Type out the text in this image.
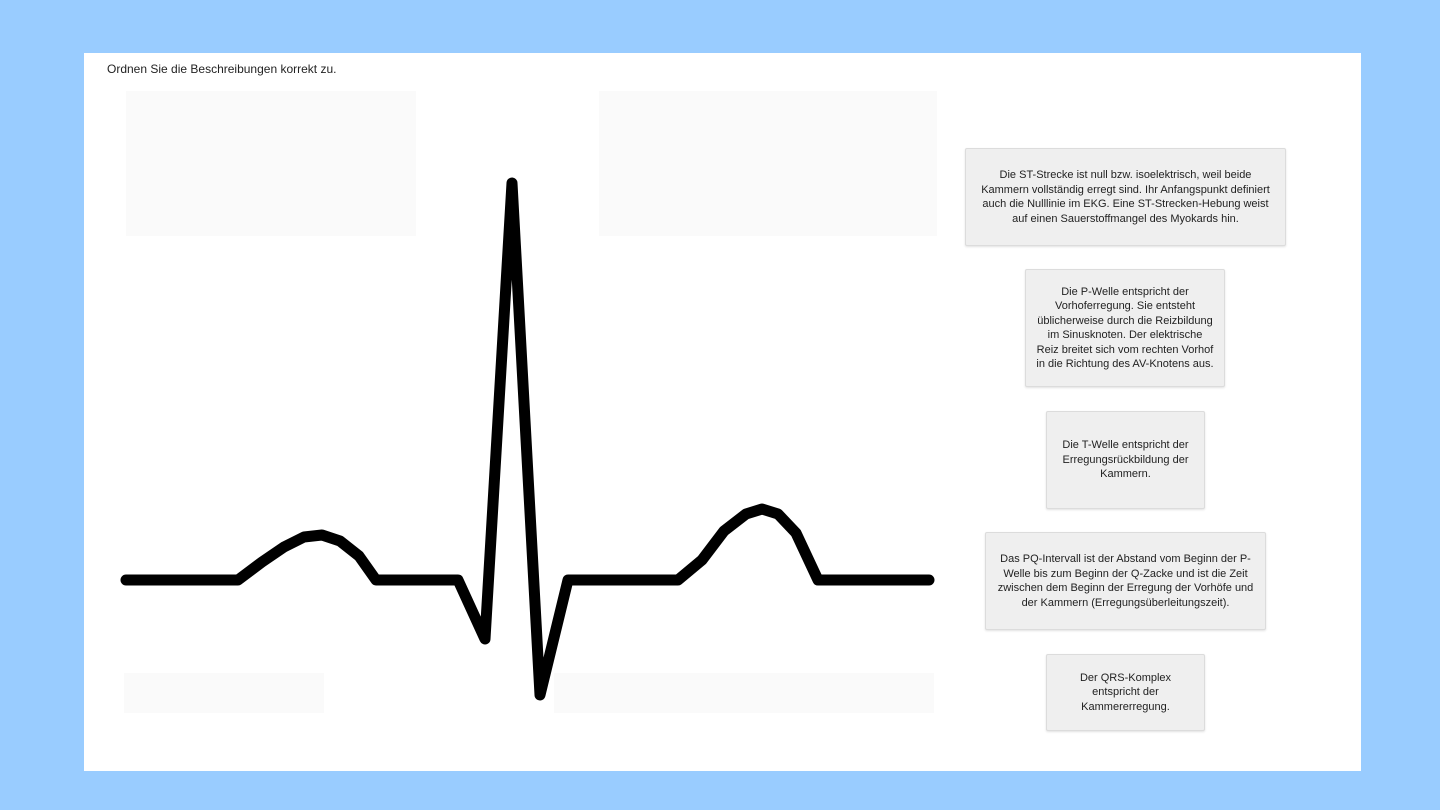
Ordnen Sie die Beschreibungen korrekt zu.
Die ST-Strecke ist null bzw. isoelektrisch, weil beide Kammern vollständig erregt sind. Ihr Anfangspunkt definiert auch die Nulllinie im EKG. Eine ST-Strecken-Hebung weist auf einen Sauerstoffmangel des Myokards hin.
Die P-Welle entspricht der Vorhoferregung. Sie entsteht üblicherweise durch die Reizbildung im Sinusknoten. Der elektrische Reiz breitet sich vom rechten Vorhof in die Richtung des AV-Knotens aus.
Die T-Welle entspricht der Erregungsrückbildung der Kammern.
Das PQ-Intervall ist der Abstand vom Beginn der P-Welle bis zum Beginn der Q-Zacke und ist die Zeit zwischen dem Beginn der Erregung der Vorhöfe und der Kammern (Erregungsüberleitungszeit).
Der QRS-Komplex entspricht der Kammererregung.
